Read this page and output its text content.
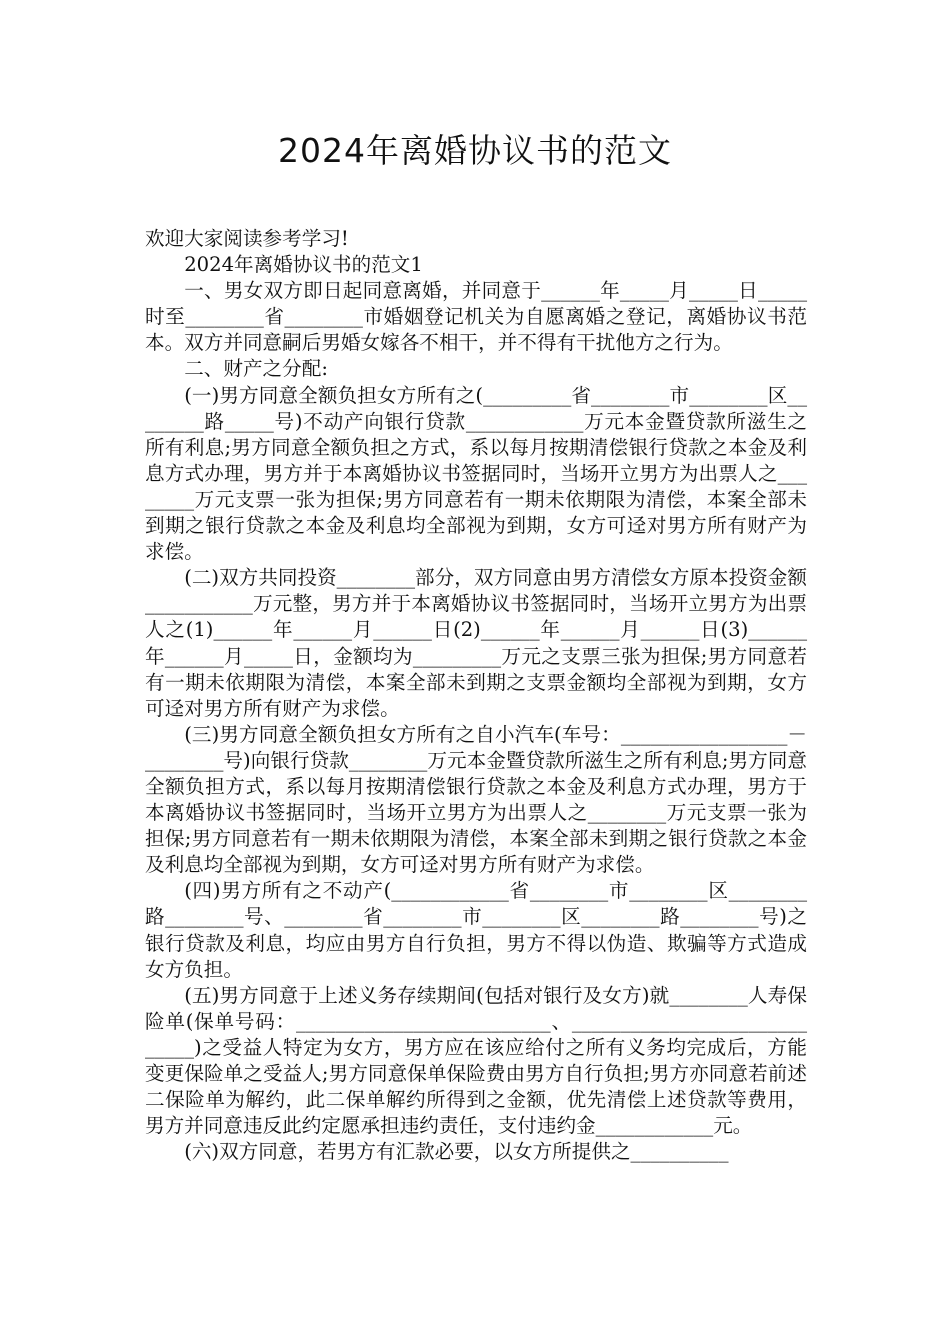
2024年离婚协议书的范文

欢迎大家阅读参考学习!

2024年离婚协议书的范文1

一、男女双方即日起同意离婚，并同意于______年_____月_____日_____时至________省________市婚姻登记机关为自愿离婚之登记，离婚协议书范本。双方并同意嗣后男婚女嫁各不相干，并不得有干扰他方之行为。

二、财产之分配:

(一)男方同意全额负担女方所有之(_________省________市________区________路_____号)不动产向银行贷款____________万元本金暨贷款所滋生之所有利息;男方同意全额负担之方式，系以每月按期清偿银行贷款之本金及利息方式办理，男方并于本离婚协议书签据同时，当场开立男方为出票人之________万元支票一张为担保;男方同意若有一期未依期限为清偿，本案全部未到期之银行贷款之本金及利息均全部视为到期，女方可迳对男方所有财产为求偿。

(二)双方共同投资________部分，双方同意由男方清偿女方原本投资金额___________万元整，男方并于本离婚协议书签据同时，当场开立男方为出票人之(1)______年______月______日(2)______年______月______日(3)______年______月_____日，金额均为_________万元之支票三张为担保;男方同意若有一期未依期限为清偿，本案全部未到期之支票金额均全部视为到期，女方可迳对男方所有财产为求偿。

(三)男方同意全额负担女方所有之自小汽车(车号：_________________－________号)向银行贷款________万元本金暨贷款所滋生之所有利息;男方同意全额负担方式，系以每月按期清偿银行贷款之本金及利息方式办理，男方于本离婚协议书签据同时，当场开立男方为出票人之________万元支票一张为担保;男方同意若有一期未依期限为清偿，本案全部未到期之银行贷款之本金及利息均全部视为到期，女方可迳对男方所有财产为求偿。

(四)男方所有之不动产(____________省________市________区________路________号、________省________市________区________路________号)之银行贷款及利息，均应由男方自行负担，男方不得以伪造、欺骗等方式造成女方负担。

(五)男方同意于上述义务存续期间(包括对银行及女方)就________人寿保险单(保单号码：__________________________、_____________________________)之受益人特定为女方，男方应在该应给付之所有义务均完成后，方能变更保险单之受益人;男方同意保单保险费由男方自行负担;男方亦同意若前述二保险单为解约，此二保单解约所得到之金额，优先清偿上述贷款等费用，男方并同意违反此约定愿承担违约责任，支付违约金____________元。

(六)双方同意，若男方有汇款必要，以女方所提供之__________
